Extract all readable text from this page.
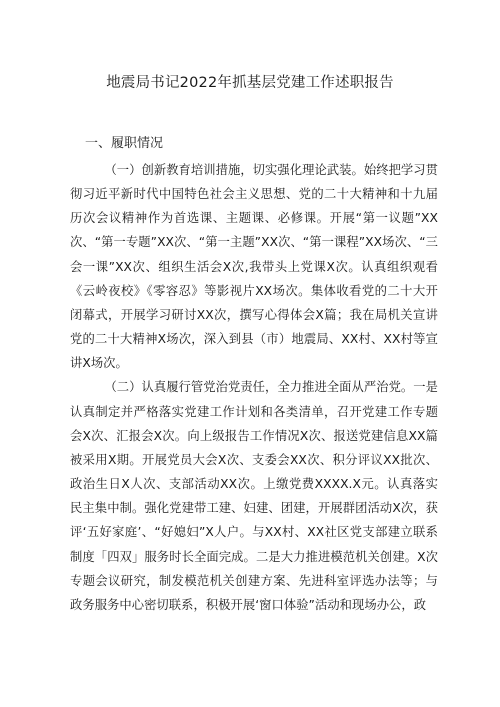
地震局书记2022年抓基层党建工作述职报告
一、履职情况

（一）创新教育培训措施，切实强化理论武装。始终把学习贯彻习近平新时代中国特色社会主义思想、党的二十大精神和十九届历次会议精神作为首选课、主题课、必修课。开展“第一议题”XX次、“第一专题”XX次、“第一主题”XX次、“第一课程”XX场次、“三会一课”XX次、组织生活会X次,我带头上党课X次。认真组织观看《云岭夜校》《零容忍》等影视片XX场次。集体收看党的二十大开闭幕式，开展学习研讨XX次，撰写心得体会X篇；我在局机关宣讲党的二十大精神X场次，深入到县（市）地震局、XX村、XX村等宣讲X场次。

（二）认真履行管党治党责任，全力推进全面从严治党。一是认真制定并严格落实党建工作计划和各类清单，召开党建工作专题会X次、汇报会X次。向上级报告工作情况X次、报送党建信息XX篇被采用X期。开展党员大会X次、支委会XX次、积分评议XX批次、政治生日X人次、支部活动XX次。上缴党费XXXX.X元。认真落实民主集中制。强化党建带工建、妇建、团建，开展群团活动X次，获评‘五好家庭’、“好媳妇”X人户。与XX村、XX社区党支部建立联系制度「四双」服务时长全面完成。二是大力推进模范机关创建。X次专题会议研究，制发模范机关创建方案、先进科室评选办法等；与政务服务中心密切联系，积极开展‘窗口体验”活动和现场办公，政
